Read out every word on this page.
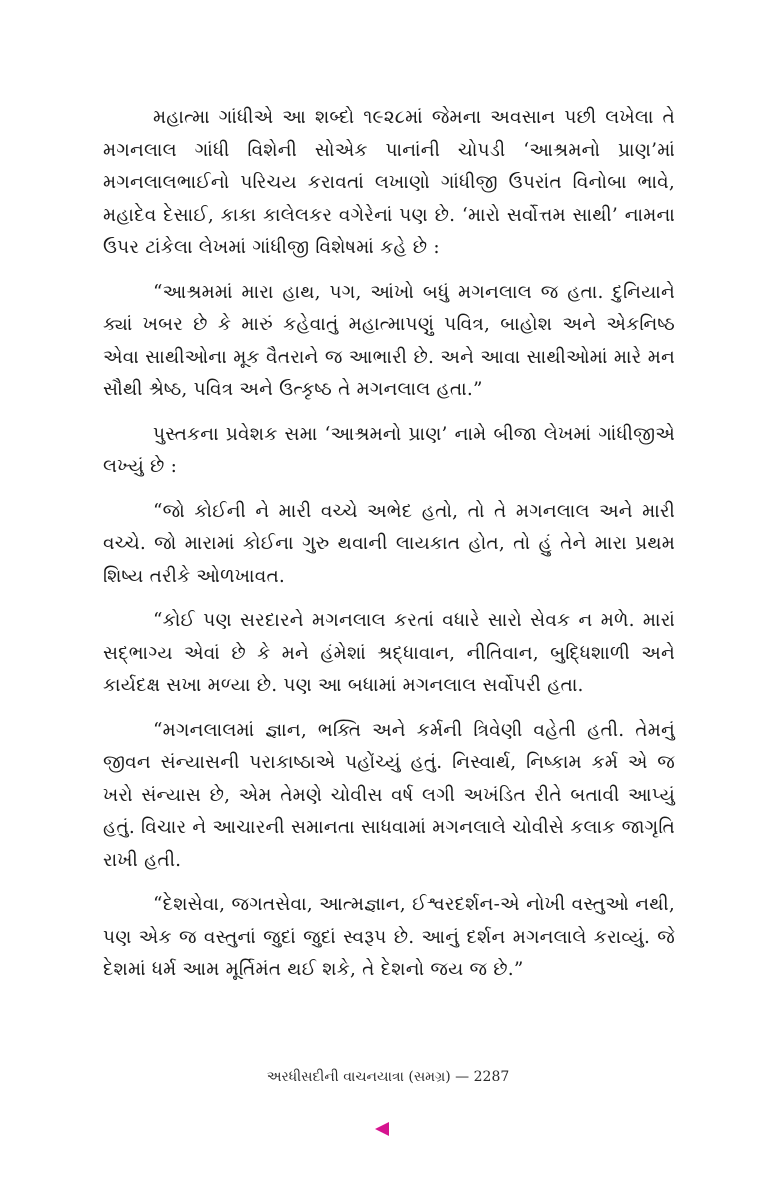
મહાત્મા ગાંધીએ આ શબ્દો ૧૯૨૮માં જેમના અવસાન પછી લખેલા તે મગનલાલ ગાંધી વિશેની સોએક પાનાંની ચોપડી ‘આશ્રમનો પ્રાણ’માં મગનલાલભાઈનો પરિચય કરાવતાં લખાણો ગાંધીજી ઉપરાંત વિનોબા ભાવે, મહાદેવ દેસાઈ, કાકા કાલેલકર વગેરેનાં પણ છે. ‘મારો સર્વોત્તમ સાથી’ નામના ઉપર ટાંકેલા લેખમાં ગાંધીજી વિશેષમાં કહે છે :

“આશ્રમમાં મારા હાથ, પગ, આંખો બધું મગનલાલ જ હતા. દુનિયાને ક્યાં ખબર છે કે મારું કહેવાતું મહાત્માપણું પવિત્ર, બાહોશ અને એકનિષ્ઠ એવા સાથીઓના મૂક વૈતરાને જ આભારી છે. અને આવા સાથીઓમાં મારે મન સૌથી શ્રેષ્ઠ, પવિત્ર અને ઉત્કૃષ્ઠ તે મગનલાલ હતા.”

પુસ્તકના પ્રવેશક સમા ‘આશ્રમનો પ્રાણ’ નામે બીજા લેખમાં ગાંધીજીએ લખ્યું છે :

“જો કોઈની ને મારી વચ્ચે અભેદ હતો, તો તે મગનલાલ અને મારી વચ્ચે. જો મારામાં કોઈના ગુરુ થવાની લાયકાત હોત, તો હું તેને મારા પ્રથમ શિષ્ય તરીકે ઓળખાવત.

“કોઈ પણ સરદારને મગનલાલ કરતાં વધારે સારો સેવક ન મળે. મારાં સદ્ભાગ્ય એવાં છે કે મને હંમેશાં શ્રદ્ધાવાન, નીતિવાન, બુદ્ધિશાળી અને કાર્યદક્ષ સખા મળ્યા છે. પણ આ બધામાં મગનલાલ સર્વોપરી હતા.

“મગનલાલમાં જ્ઞાન, ભક્તિ અને કર્મની ત્રિવેણી વહેતી હતી. તેમનું જીવન સંન્યાસની પરાકાષ્ઠાએ પહોંચ્યું હતું. નિસ્વાર્થ, નિષ્કામ કર્મ એ જ ખરો સંન્યાસ છે, એમ તેમણે ચોવીસ વર્ષ લગી અખંડિત રીતે બતાવી આપ્યું હતું. વિચાર ને આચારની સમાનતા સાધવામાં મગનલાલે ચોવીસે કલાક જાગૃતિ રાખી હતી.

“દેશસેવા, જગતસેવા, આત્મજ્ઞાન, ઈશ્વરદર્શન-એ નોખી વસ્તુઓ નથી, પણ એક જ વસ્તુનાં જુદાં જુદાં સ્વરૂપ છે. આનું દર્શન મગનલાલે કરાવ્યું. જે દેશમાં ધર્મ આમ મૂર્તિમંત થઈ શકે, તે દેશનો જય જ છે.”

અરધીસદીની વાચનયાત્રા (સમગ્ર) — 2287
